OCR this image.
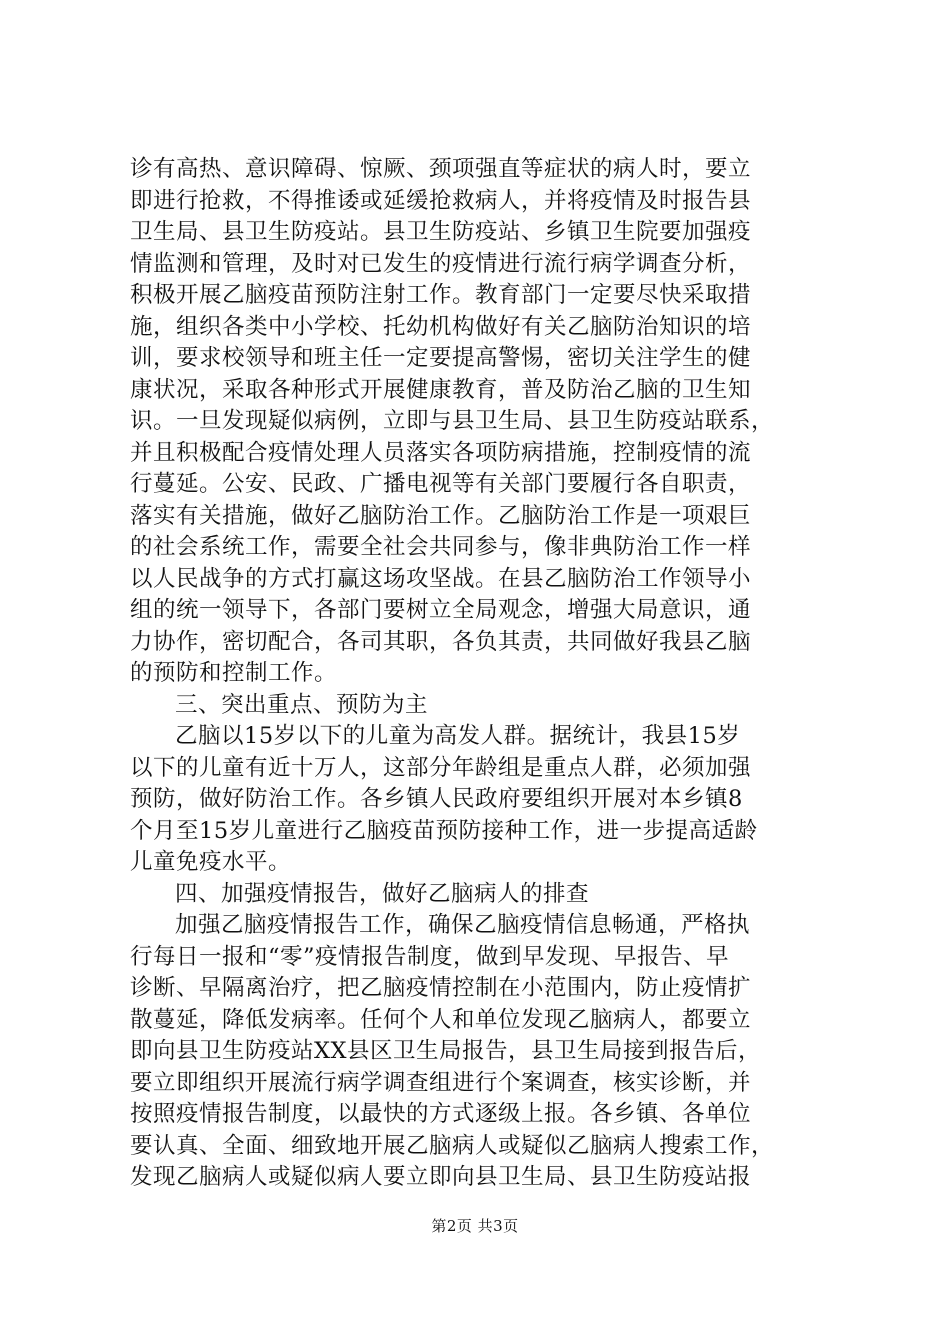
诊有高热、意识障碍、惊厥、颈项强直等症状的病人时，要立
即进行抢救，不得推诿或延缓抢救病人，并将疫情及时报告县
卫生局、县卫生防疫站。县卫生防疫站、乡镇卫生院要加强疫
情监测和管理，及时对已发生的疫情进行流行病学调查分析，
积极开展乙脑疫苗预防注射工作。教育部门一定要尽快采取措
施，组织各类中小学校、托幼机构做好有关乙脑防治知识的培
训，要求校领导和班主任一定要提高警惕，密切关注学生的健
康状况，采取各种形式开展健康教育，普及防治乙脑的卫生知
识。一旦发现疑似病例，立即与县卫生局、县卫生防疫站联系，
并且积极配合疫情处理人员落实各项防病措施，控制疫情的流
行蔓延。公安、民政、广播电视等有关部门要履行各自职责，
落实有关措施，做好乙脑防治工作。乙脑防治工作是一项艰巨
的社会系统工作，需要全社会共同参与，像非典防治工作一样
以人民战争的方式打赢这场攻坚战。在县乙脑防治工作领导小
组的统一领导下，各部门要树立全局观念，增强大局意识，通
力协作，密切配合，各司其职，各负其责，共同做好我县乙脑
的预防和控制工作。
三、突出重点、预防为主
乙脑以15岁以下的儿童为高发人群。据统计，我县15岁
以下的儿童有近十万人，这部分年龄组是重点人群，必须加强
预防，做好防治工作。各乡镇人民政府要组织开展对本乡镇8
个月至15岁儿童进行乙脑疫苗预防接种工作，进一步提高适龄
儿童免疫水平。
四、加强疫情报告，做好乙脑病人的排查
加强乙脑疫情报告工作，确保乙脑疫情信息畅通，严格执
行每日一报和“零”疫情报告制度，做到早发现、早报告、早
诊断、早隔离治疗，把乙脑疫情控制在小范围内，防止疫情扩
散蔓延，降低发病率。任何个人和单位发现乙脑病人，都要立
即向县卫生防疫站XX县区卫生局报告，县卫生局接到报告后，
要立即组织开展流行病学调查组进行个案调查，核实诊断，并
按照疫情报告制度，以最快的方式逐级上报。各乡镇、各单位
要认真、全面、细致地开展乙脑病人或疑似乙脑病人搜索工作，
发现乙脑病人或疑似病人要立即向县卫生局、县卫生防疫站报
第2页 共3页
